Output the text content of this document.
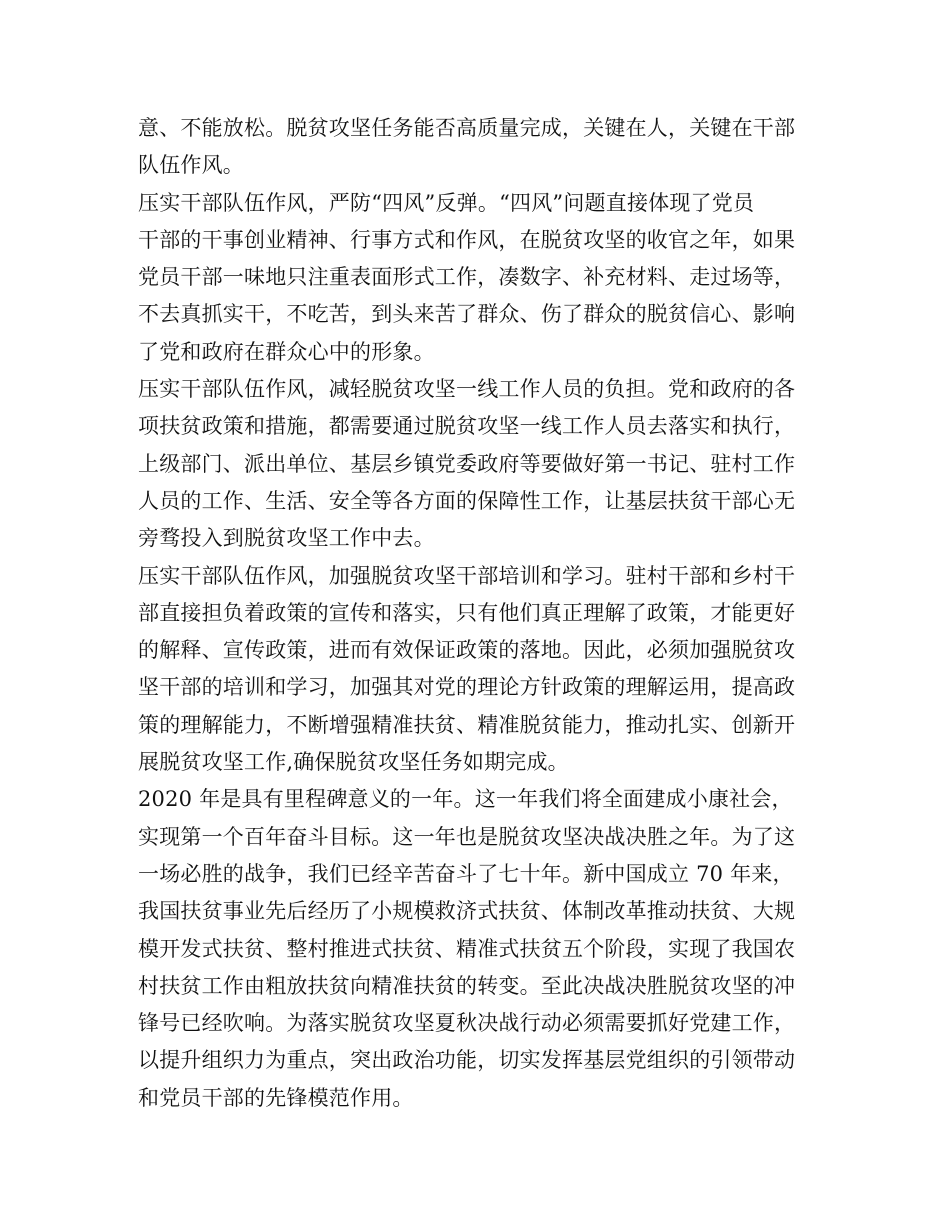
意、不能放松。脱贫攻坚任务能否高质量完成，关键在人，关键在干部
队伍作风。
压实干部队伍作风，严防“四风”反弹。“四风”问题直接体现了党员
干部的干事创业精神、行事方式和作风，在脱贫攻坚的收官之年，如果
党员干部一味地只注重表面形式工作，凑数字、补充材料、走过场等，
不去真抓实干，不吃苦，到头来苦了群众、伤了群众的脱贫信心、影响
了党和政府在群众心中的形象。
压实干部队伍作风，减轻脱贫攻坚一线工作人员的负担。党和政府的各
项扶贫政策和措施，都需要通过脱贫攻坚一线工作人员去落实和执行，
上级部门、派出单位、基层乡镇党委政府等要做好第一书记、驻村工作
人员的工作、生活、安全等各方面的保障性工作，让基层扶贫干部心无
旁骛投入到脱贫攻坚工作中去。
压实干部队伍作风，加强脱贫攻坚干部培训和学习。驻村干部和乡村干
部直接担负着政策的宣传和落实，只有他们真正理解了政策，才能更好
的解释、宣传政策，进而有效保证政策的落地。因此，必须加强脱贫攻
坚干部的培训和学习，加强其对党的理论方针政策的理解运用，提高政
策的理解能力，不断增强精准扶贫、精准脱贫能力，推动扎实、创新开
展脱贫攻坚工作,确保脱贫攻坚任务如期完成。
2020 年是具有里程碑意义的一年。这一年我们将全面建成小康社会，
实现第一个百年奋斗目标。这一年也是脱贫攻坚决战决胜之年。为了这
一场必胜的战争，我们已经辛苦奋斗了七十年。新中国成立 70 年来，
我国扶贫事业先后经历了小规模救济式扶贫、体制改革推动扶贫、大规
模开发式扶贫、整村推进式扶贫、精准式扶贫五个阶段，实现了我国农
村扶贫工作由粗放扶贫向精准扶贫的转变。至此决战决胜脱贫攻坚的冲
锋号已经吹响。为落实脱贫攻坚夏秋决战行动必须需要抓好党建工作，
以提升组织力为重点，突出政治功能，切实发挥基层党组织的引领带动
和党员干部的先锋模范作用。
